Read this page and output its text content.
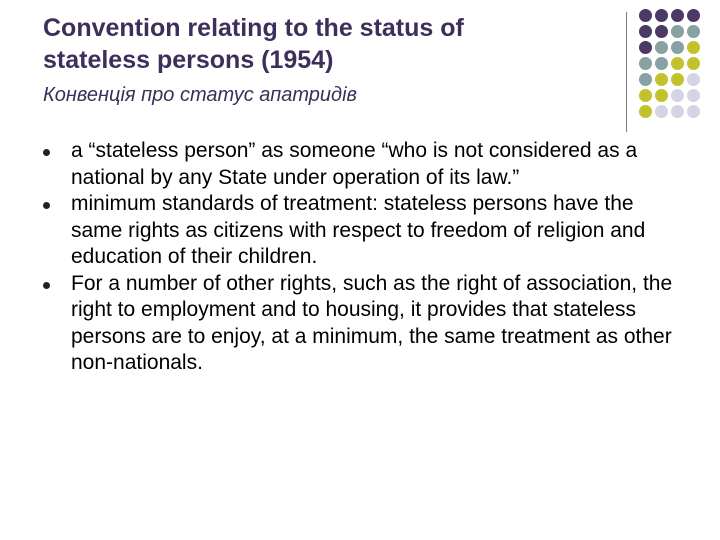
Convention relating to the status of
stateless persons (1954)
Конвенція про статус апатридів
a “stateless person” as someone “who is not considered as a national by any State under operation of its law.”
minimum standards of treatment: stateless persons have the same rights as citizens with respect to freedom of religion and education of their children.
For a number of other rights, such as the right of association, the right to employment and to housing, it provides that stateless persons are to enjoy, at a minimum, the same treatment as other non-nationals.
